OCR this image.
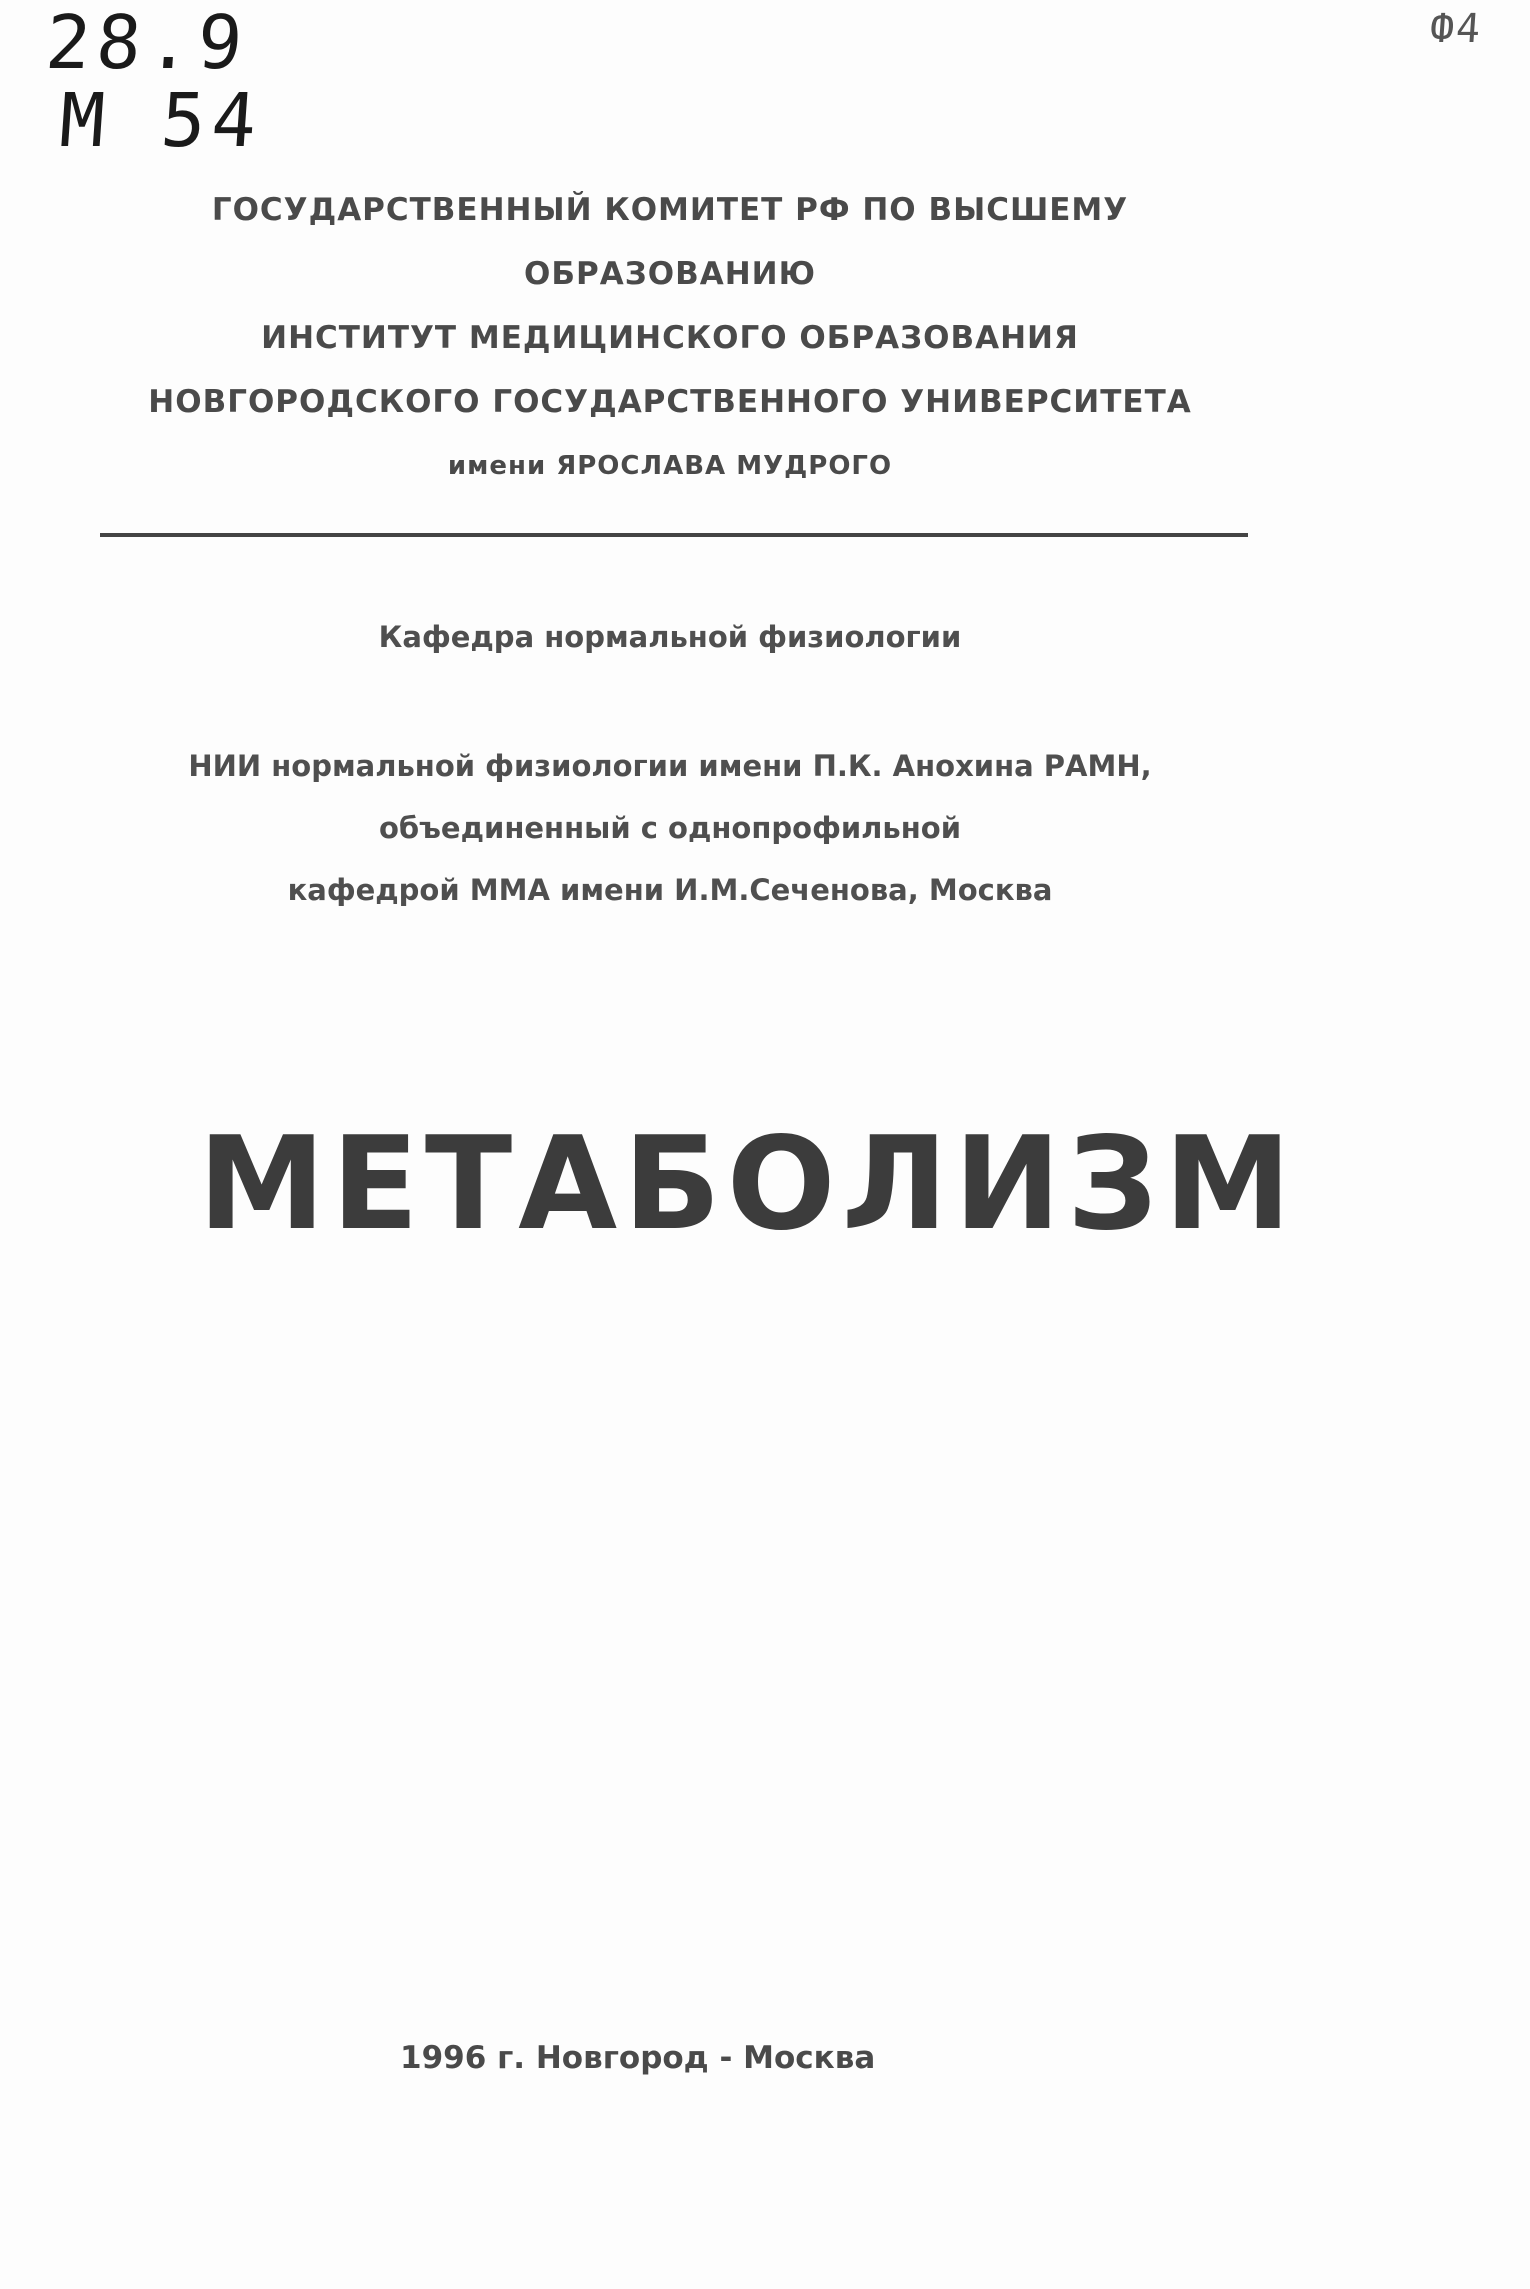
28.9
M 54
Ф4
ГОСУДАРСТВЕННЫЙ КОМИТЕТ РФ ПО ВЫСШЕМУ
ОБРАЗОВАНИЮ
ИНСТИТУТ МЕДИЦИНСКОГО ОБРАЗОВАНИЯ
НОВГОРОДСКОГО ГОСУДАРСТВЕННОГО УНИВЕРСИТЕТА
имени ЯРОСЛАВА МУДРОГО
Кафедра нормальной физиологии
НИИ нормальной физиологии имени П.К. Анохина РАМН,
объединенный с однопрофильной
кафедрой ММА имени И.М.Сеченова, Москва
МЕТАБОЛИЗМ
1996 г. Новгород - Москва
